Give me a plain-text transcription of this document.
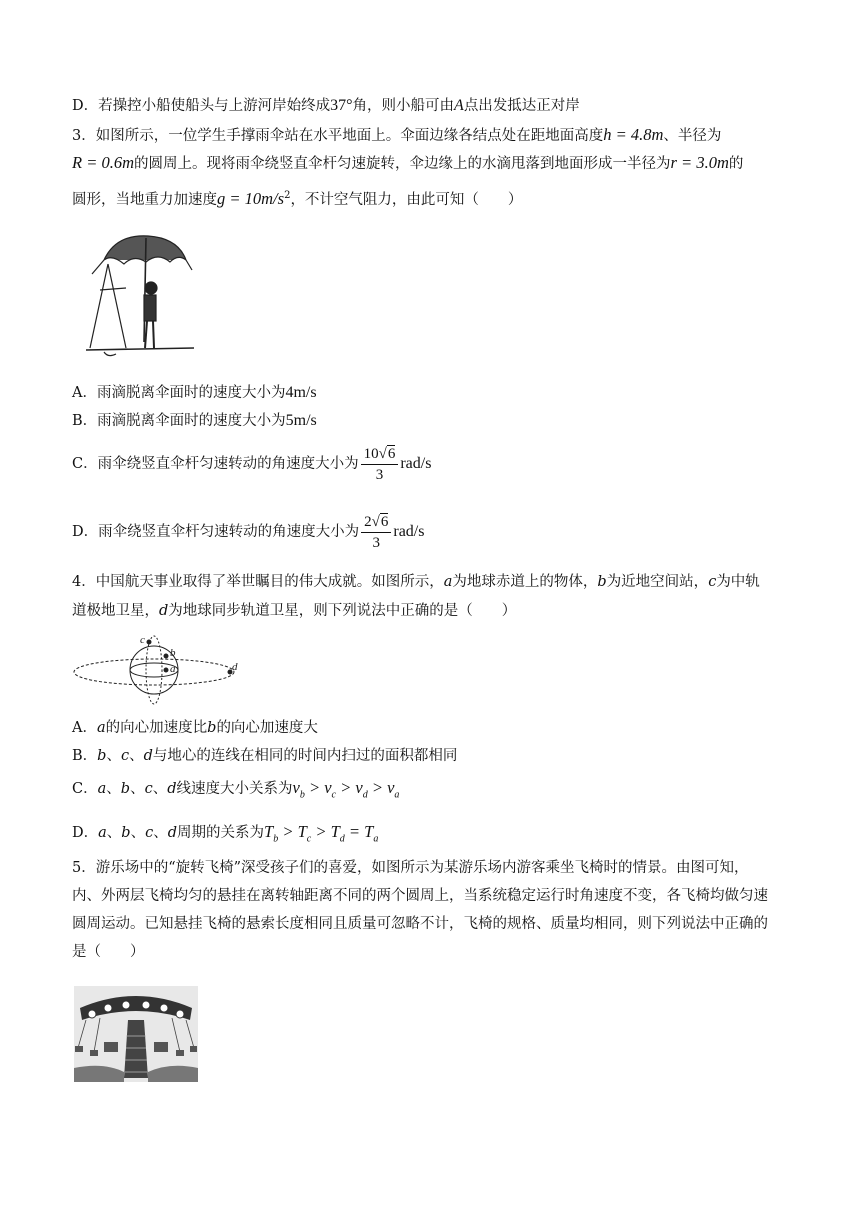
D．若操控小船使船头与上游河岸始终成37°角，则小船可由A点出发抵达正对岸
3．如图所示，一位学生手撑雨伞站在水平地面上。伞面边缘各结点处在距地面高度h = 4.8m、半径为
R = 0.6m的圆周上。现将雨伞绕竖直伞杆匀速旋转，伞边缘上的水滴甩落到地面形成一半径为r = 3.0m的
圆形，当地重力加速度$g = 10m/s^2$，不计空气阻力，由此可知（　　）
A．雨滴脱离伞面时的速度大小为4m/s
B．雨滴脱离伞面时的速度大小为5m/s
C．雨伞绕竖直伞杆匀速转动的角速度大小为 $\frac{10√6}{3} rad/s$
D．雨伞绕竖直伞杆匀速转动的角速度大小为 $\frac{2√6}{3} rad/s$
4．中国航天事业取得了举世瞩目的伟大成就。如图所示，a为地球赤道上的物体，b为近地空间站，c为中轨
道极地卫星，d为地球同步轨道卫星，则下列说法中正确的是（　　）
c
b
a	d
A．a的向心加速度比b的向心加速度大
B．b、c、d与地心的连线在相同的时间内扫过的面积都相同
C．a、b、c、d线速度大小关系为$v_b > v_c > v_d > v_a$
D．a、b、c、d周期的关系为$T_b > T_c > T_d = T_a$
5．游乐场中的“旋转飞椅”深受孩子们的喜爱，如图所示为某游乐场内游客乘坐飞椅时的情景。由图可知，
内、外两层飞椅均匀的悬挂在离转轴距离不同的两个圆周上，当系统稳定运行时角速度不变，各飞椅均做匀速
圆周运动。已知悬挂飞椅的悬索长度相同且质量可忽略不计，飞椅的规格、质量均相同，则下列说法中正确的
是（　　）
